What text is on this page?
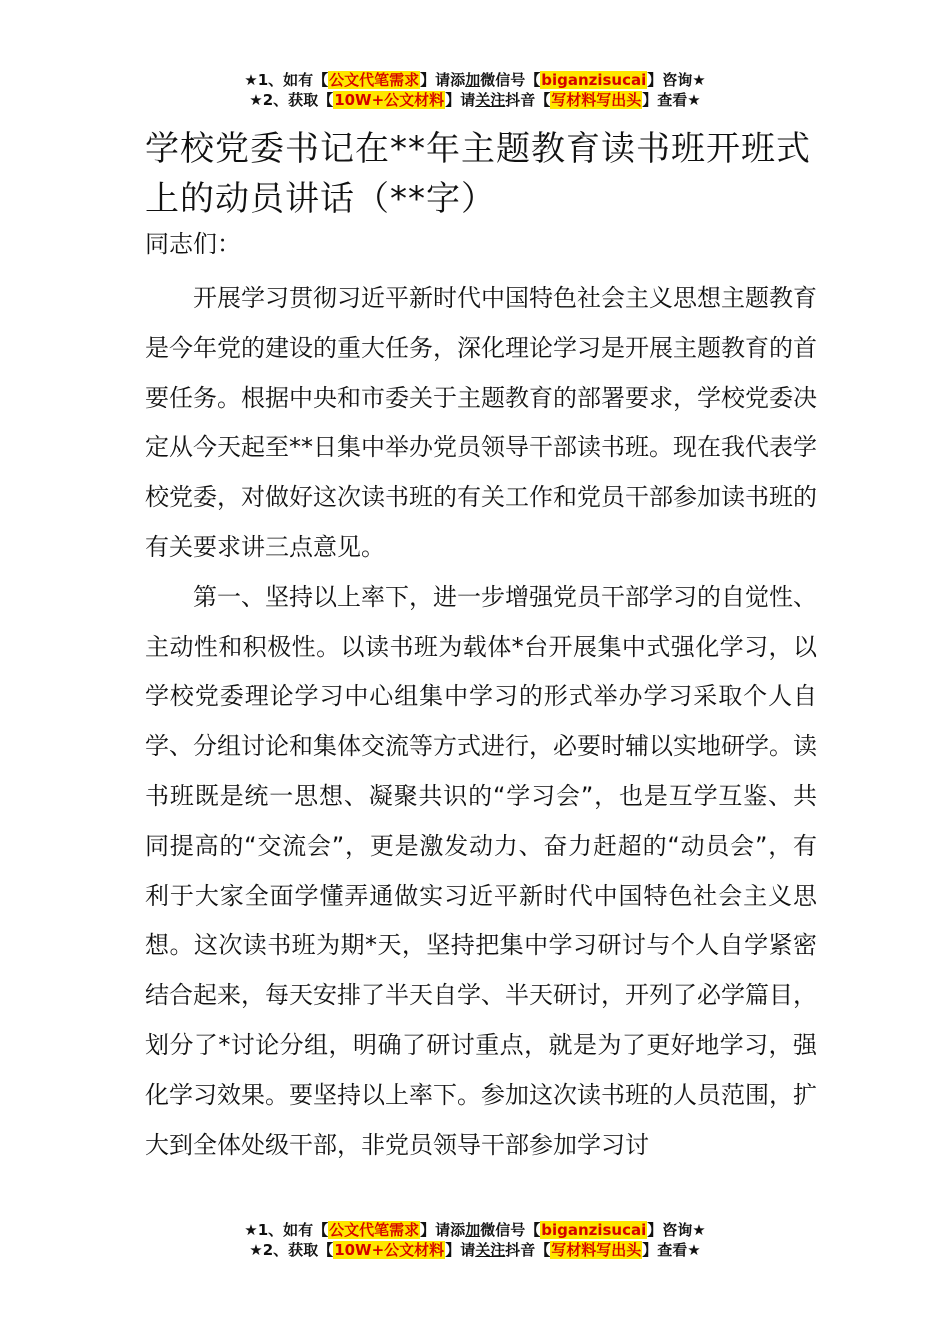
★1、如有【公文代笔需求】请添加微信号【biganzisucai】咨询★
★2、获取【10W+公文材料】请关注抖音【写材料写出头】查看★
学校党委书记在**年主题教育读书班开班式上的动员讲话（**字）
同志们：

开展学习贯彻习近平新时代中国特色社会主义思想主题教育是今年党的建设的重大任务，深化理论学习是开展主题教育的首要任务。根据中央和市委关于主题教育的部署要求，学校党委决定从今天起至**日集中举办党员领导干部读书班。现在我代表学校党委，对做好这次读书班的有关工作和党员干部参加读书班的有关要求讲三点意见。

第一、坚持以上率下，进一步增强党员干部学习的自觉性、主动性和积极性。以读书班为载体*台开展集中式强化学习，以学校党委理论学习中心组集中学习的形式举办学习采取个人自学、分组讨论和集体交流等方式进行，必要时辅以实地研学。读书班既是统一思想、凝聚共识的“学习会”，也是互学互鉴、共同提高的“交流会”，更是激发动力、奋力赶超的“动员会”，有利于大家全面学懂弄通做实习近平新时代中国特色社会主义思想。这次读书班为期*天，坚持把集中学习研讨与个人自学紧密结合起来，每天安排了半天自学、半天研讨，开列了必学篇目，划分了*讨论分组，明确了研讨重点，就是为了更好地学习，强化学习效果。要坚持以上率下。参加这次读书班的人员范围，扩大到全体处级干部，非党员领导干部参加学习讨

★1、如有【公文代笔需求】请添加微信号【biganzisucai】咨询★
★2、获取【10W+公文材料】请关注抖音【写材料写出头】查看★
